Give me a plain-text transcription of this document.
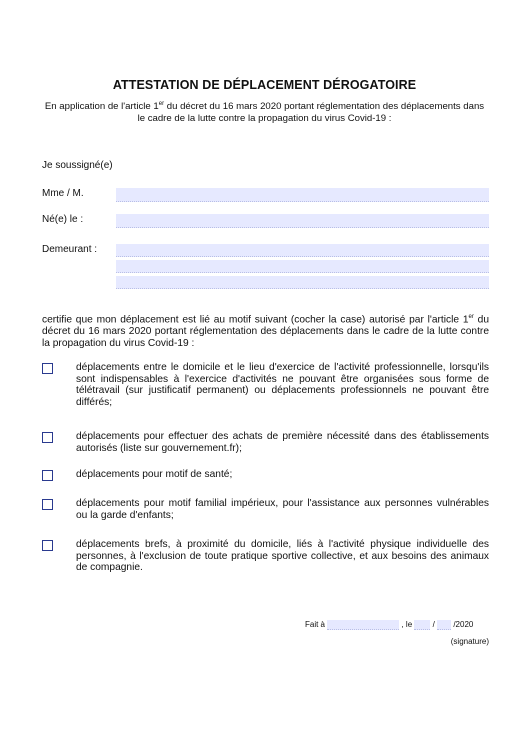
ATTESTATION DE DÉPLACEMENT DÉROGATOIRE
En application de l'article 1er du décret du 16 mars 2020 portant réglementation des déplacements dans le cadre de la lutte contre la propagation du virus Covid-19 :
Je soussigné(e)
Mme / M.
Né(e) le :
Demeurant :
certifie que mon déplacement est lié au motif suivant (cocher la case) autorisé par l'article 1er du décret du 16 mars 2020 portant réglementation des déplacements dans le cadre de la lutte contre la propagation du virus Covid-19 :
déplacements entre le domicile et le lieu d'exercice de l'activité professionnelle, lorsqu'ils sont indispensables à l'exercice d'activités ne pouvant être organisées sous forme de télétravail (sur justificatif permanent) ou déplacements professionnels ne pouvant être différés;
déplacements pour effectuer des achats de première nécessité dans des établissements autorisés (liste sur gouvernement.fr);
déplacements pour motif de santé;
déplacements pour motif familial impérieux, pour l'assistance aux personnes vulnérables ou la garde d'enfants;
déplacements brefs, à proximité du domicile, liés à l'activité physique individuelle des personnes, à l'exclusion de toute pratique sportive collective, et aux besoins des animaux de compagnie.
Fait à	, le	/ /2020
(signature)
